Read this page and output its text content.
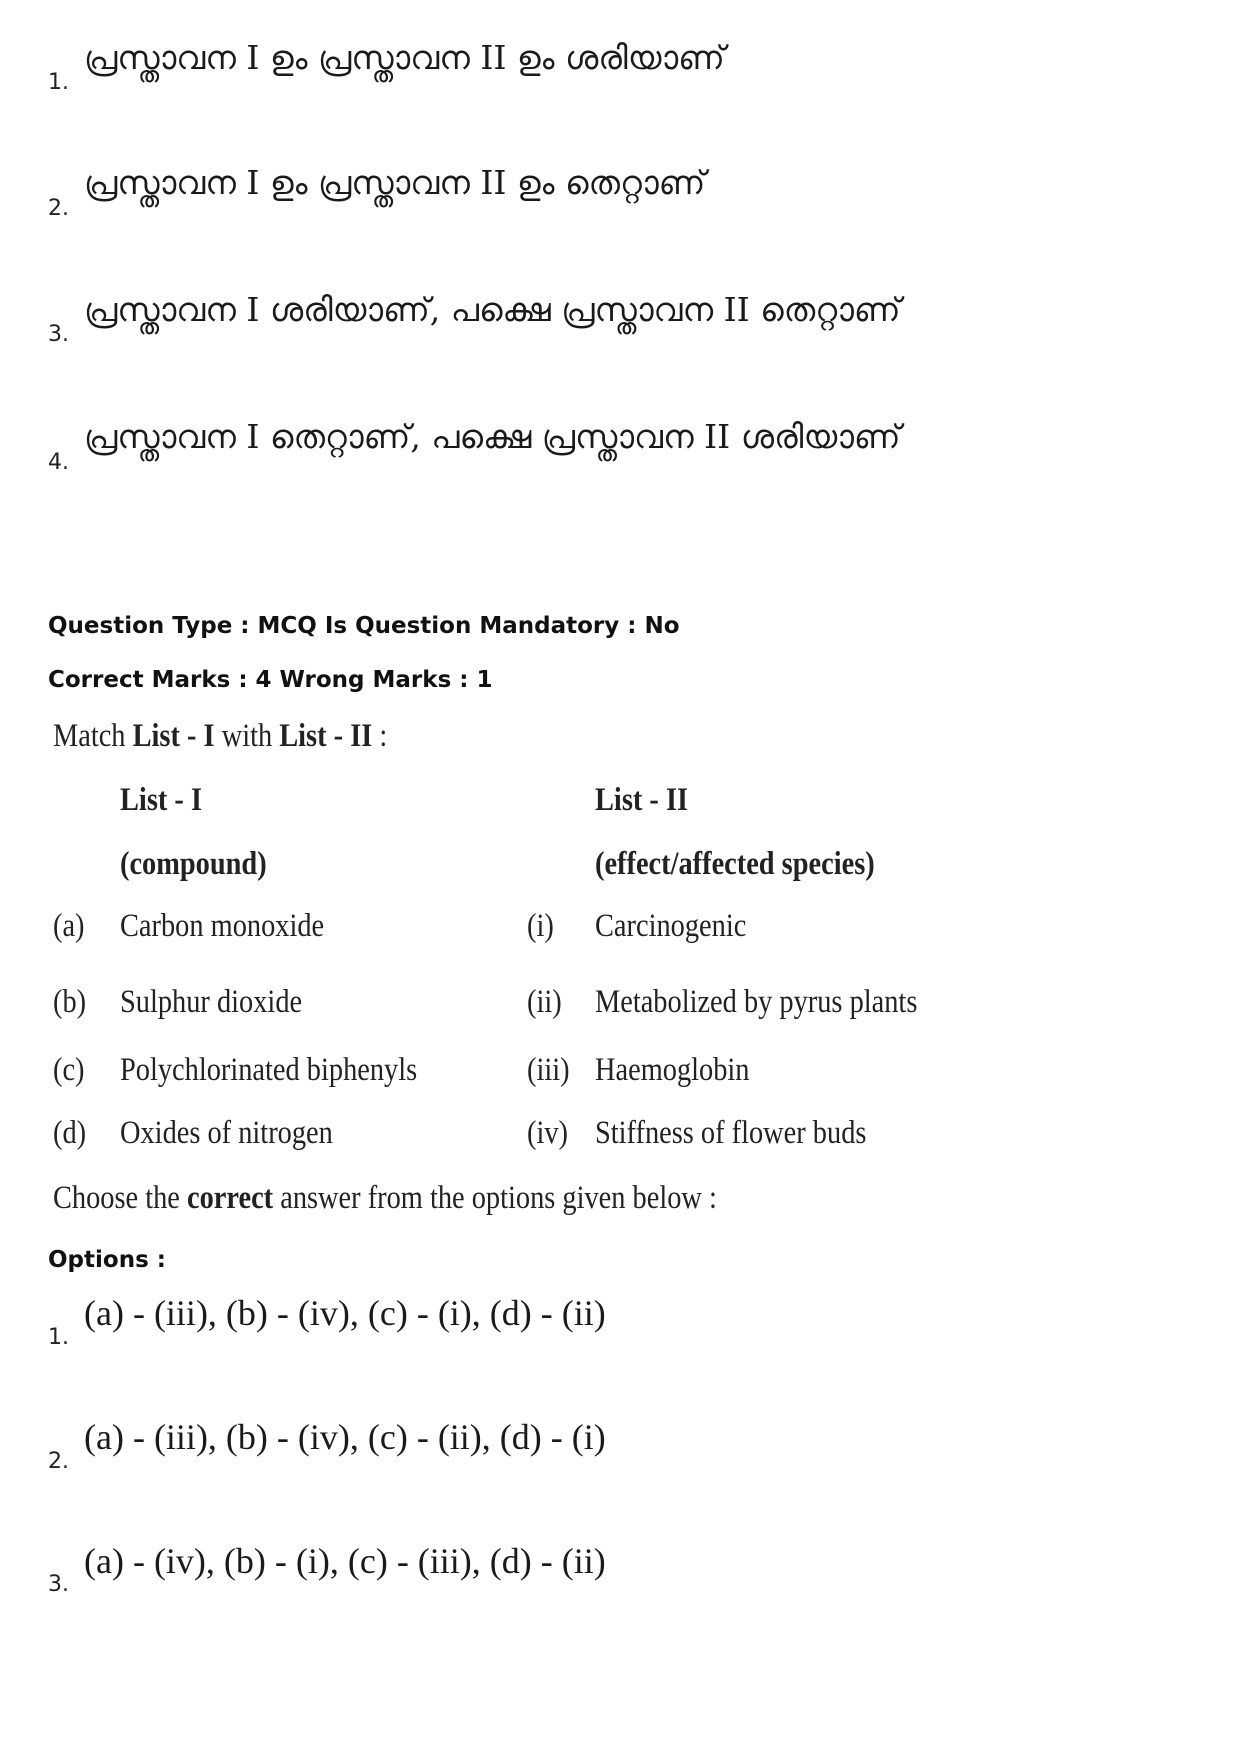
1.
പ്രസ്താവന I ഉം പ്രസ്താവന II ഉം ശരിയാണ്
2.
പ്രസ്താവന I ഉം പ്രസ്താവന II ഉം തെറ്റാണ്
3.
പ്രസ്താവന I ശരിയാണ്, പക്ഷെ പ്രസ്താവന II തെറ്റാണ്
4.
പ്രസ്താവന I തെറ്റാണ്, പക്ഷെ പ്രസ്താവന II ശരിയാണ്
Question Type : MCQ Is Question Mandatory : No
Correct Marks : 4 Wrong Marks : 1
Match List - I with List - II :
List - I
(compound)
List - II
(effect/affected species)
(a) Carbon monoxide	(i) Carcinogenic
(b) Sulphur dioxide	(ii) Metabolized by pyrus plants
(c) Polychlorinated biphenyls	(iii) Haemoglobin
(d) Oxides of nitrogen	(iv) Stiffness of flower buds
Choose the correct answer from the options given below :
Options :
1.
(a) - (iii), (b) - (iv), (c) - (i), (d) - (ii)
2.
(a) - (iii), (b) - (iv), (c) - (ii), (d) - (i)
3.
(a) - (iv), (b) - (i), (c) - (iii), (d) - (ii)
